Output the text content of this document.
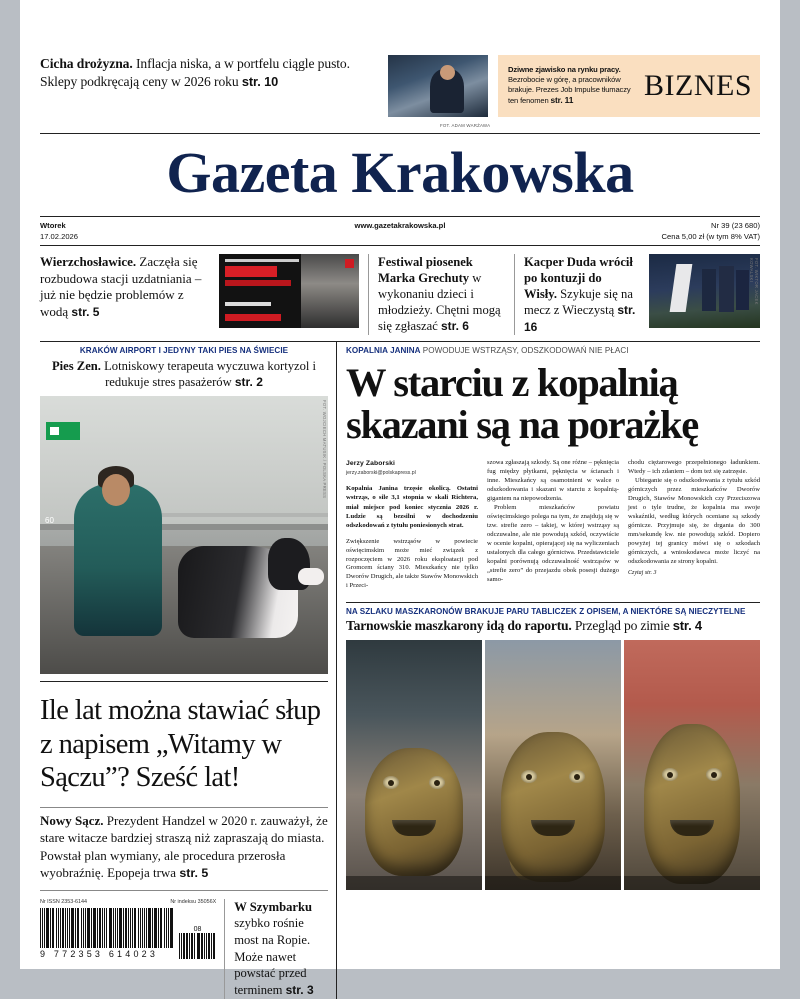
Cicha drożyzna. Inflacja niska, a w portfelu ciągle pusto. Sklepy podkręcają ceny w 2026 roku str. 10
Dziwne zjawisko na rynku pracy. Bezrobocie w górę, a pracowników brakuje. Prezes Job Impulse tłumaczy ten fenomen str. 11	BIZNES
FOT. ADAM WARŻAWA
Gazeta Krakowska
Wtorek
17.02.2026
www.gazetakrakowska.pl	Nr 39 (23 680)
Cena 5,00 zł (w tym 8% VAT)
Wierzchosławice. Zaczęła się rozbudowa stacji uzdatniania – już nie będzie problemów z wodą str. 5
Festiwal piosenek Marka Grechuty w wykonaniu dzieci i młodzieży. Chętni mogą się zgłaszać str. 6
Kacper Duda wrócił po kontuzji do Wisły. Szykuje się na mecz z Wieczystą str. 16
FOT. WIKTOR JACEK KOWALSKI
KRAKÓW AIRPORT I JEDYNY TAKI PIES NA ŚWIECIE
Pies Zen. Lotniskowy terapeuta wyczuwa kortyzol i redukuje stres pasażerów str. 2
60
FOT. WOJCIECH MATUSIK / POLSKA PRESS
Ile lat można stawiać słup z napisem „Witamy w Sączu”? Sześć lat!
Nowy Sącz. Prezydent Handzel w 2020 r. zauważył, że stare witacze bardziej straszą niż zapraszają do miasta. Powstał plan wymiany, ale procedura przerosła wyobraźnię. Epopeja trwa str. 5
Nr ISSN 2353-6144	Nr indeksu 35056X
9 772353 614023
08
W Szymbarku szybko rośnie most na Ropie. Może nawet powstać przed terminem str. 3
KOPALNIA JANINA POWODUJE WSTRZĄSY, ODSZKODOWAŃ NIE PŁACI
W starciu z kopalnią skazani są na porażkę
Jerzy Zaborski
jerzy.zaborski@polskapress.pl
Kopalnia Janina trzęsie okolicą. Ostatni wstrząs, o sile 3,1 stopnia w skali Richtera, miał miejsce pod koniec stycznia 2026 r. Ludzie są bezsilni w dochodzeniu odszkodowań z tytułu poniesionych strat.

Zwiększenie wstrząsów w powiecie oświęcimskim może mieć związek z rozpoczęciem w 2026 roku eksploatacji pod Gromcem ściany 310. Mieszkańcy nie tylko Dworów Drugich, ale także Stawów Monowskich i Przeci-

szowa zgłaszają szkody. Są one różne – pęknięcia fug między płytkami, pęknięcia w ścianach i inne. Mieszkańcy są osamotnieni w walce o odszkodowania i skazani w starciu z kopalnią-gigantem na niepowodzenia.

Problem mieszkańców powiatu oświęcimskiego polega na tym, że znajdują się w tzw. strefie zero – takiej, w której wstrząsy są odczuwalne, ale nie powodują szkód, oczywiście w ocenie kopalni, opierającej się na wyliczeniach ustalonych dla całego górnictwa. Przedstawiciele kopalni porównują odczuwalność wstrząsów w „strefie zero” do przejazdu obok posesji dużego samo-

chodu ciężarowego przepełnionego ładunkiem. Wtedy – ich zdaniem – dom też się zatrzęsie.

Ubieganie się o odszkodowania z tytułu szkód górniczych przez mieszkańców Dworów Drugich, Stawów Monowskich czy Przeciszowa jest o tyle trudne, że kopalnia ma swoje wskaźniki, według których oceniane są szkody górnicze. Przyjmuje się, że drgania do 300 mm/sekundę kw. nie powodują szkód. Dopiero powyżej tej granicy mówi się o szkodach górniczych, a wnioskodawca może liczyć na odszkodowania ze strony kopalni.

Czytaj str. 3
NA SZLAKU MASZKARONÓW BRAKUJE PARU TABLICZEK Z OPISEM, A NIEKTÓRE SĄ NIECZYTELNE
Tarnowskie maszkarony idą do raportu. Przegląd po zimie str. 4
